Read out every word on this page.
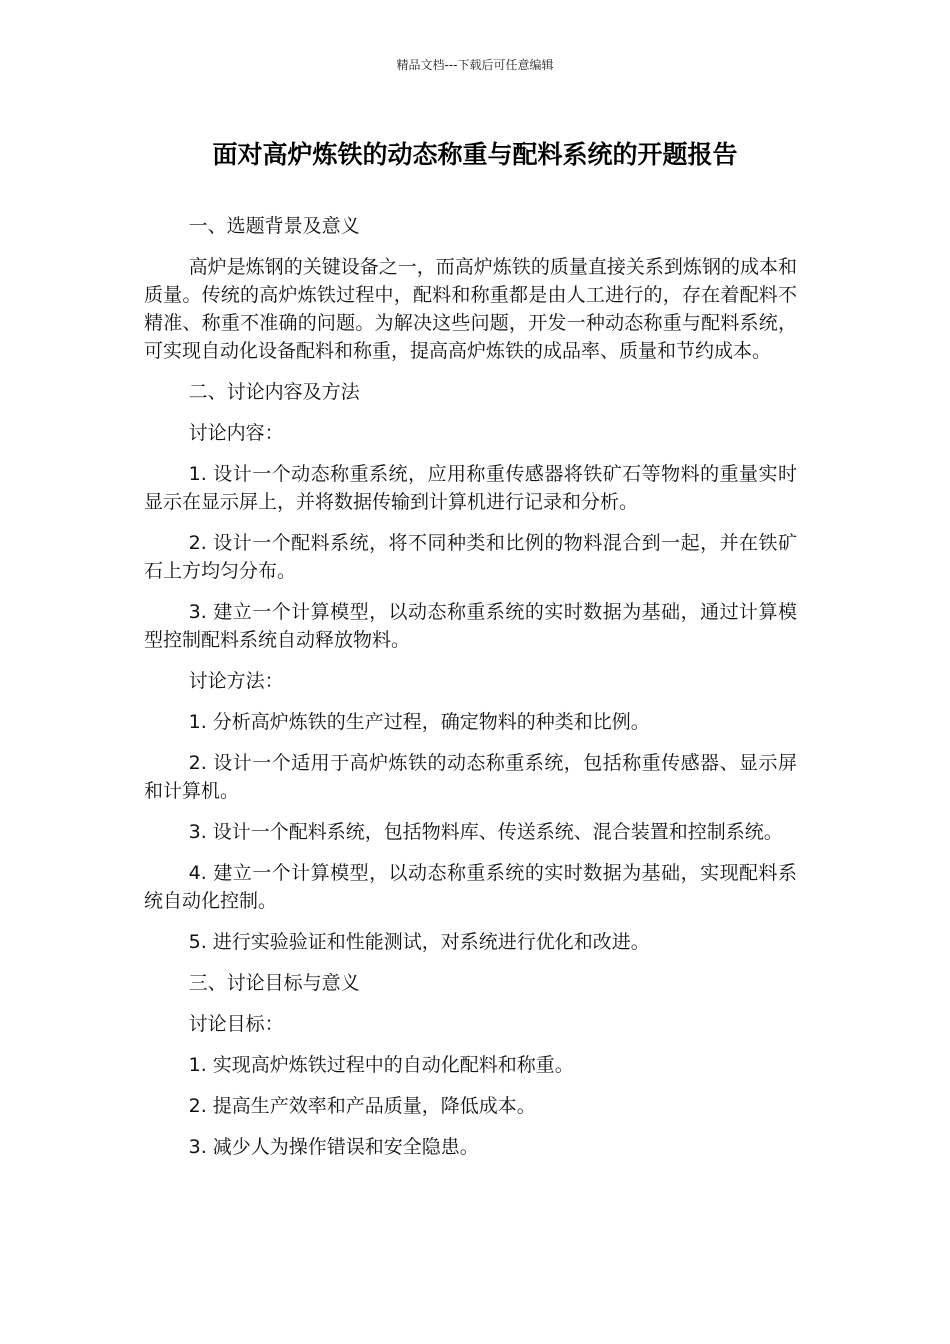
精品文档---下载后可任意编辑
面对高炉炼铁的动态称重与配料系统的开题报告

一、选题背景及意义

高炉是炼钢的关键设备之一，而高炉炼铁的质量直接关系到炼钢的成本和质量。传统的高炉炼铁过程中，配料和称重都是由人工进行的，存在着配料不精准、称重不准确的问题。为解决这些问题，开发一种动态称重与配料系统，可实现自动化设备配料和称重，提高高炉炼铁的成品率、质量和节约成本。

二、讨论内容及方法

讨论内容：

1. 设计一个动态称重系统，应用称重传感器将铁矿石等物料的重量实时显示在显示屏上，并将数据传输到计算机进行记录和分析。

2. 设计一个配料系统，将不同种类和比例的物料混合到一起，并在铁矿石上方均匀分布。

3. 建立一个计算模型，以动态称重系统的实时数据为基础，通过计算模型控制配料系统自动释放物料。

讨论方法：

1. 分析高炉炼铁的生产过程，确定物料的种类和比例。

2. 设计一个适用于高炉炼铁的动态称重系统，包括称重传感器、显示屏和计算机。

3. 设计一个配料系统，包括物料库、传送系统、混合装置和控制系统。

4. 建立一个计算模型，以动态称重系统的实时数据为基础，实现配料系统自动化控制。

5. 进行实验验证和性能测试，对系统进行优化和改进。

三、讨论目标与意义

讨论目标：

1. 实现高炉炼铁过程中的自动化配料和称重。

2. 提高生产效率和产品质量，降低成本。

3. 减少人为操作错误和安全隐患。
